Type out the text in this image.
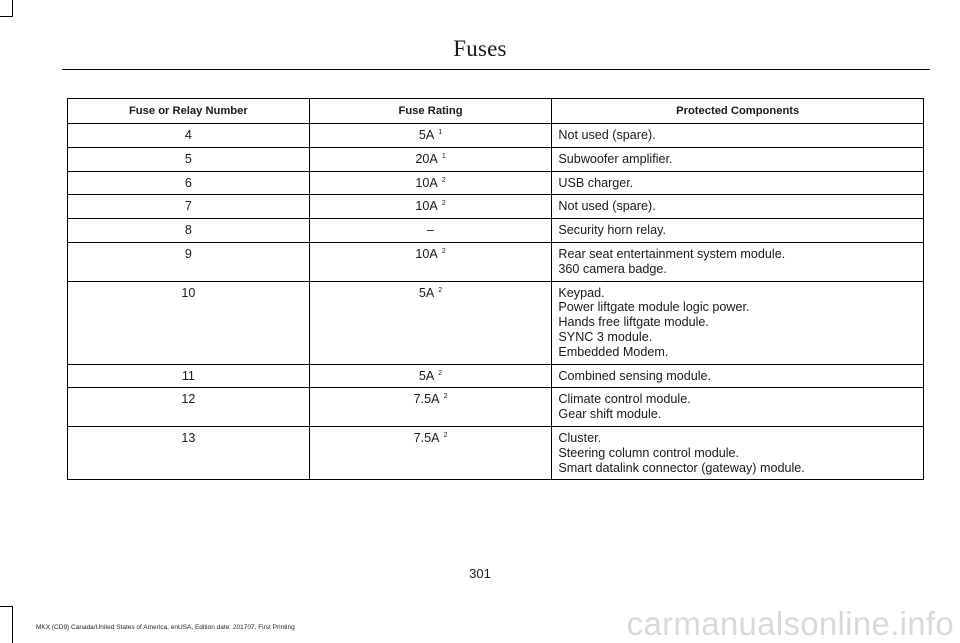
Fuses
Fuse or Relay Number	Fuse Rating	Protected Components
4	5A $^1$	Not used (spare).

5	20A $^1$	Subwoofer amplifier.

6	10A $^2$	USB charger.

7	10A $^2$	Not used (spare).

8	–	Security horn relay.

9	10A $^2$	Rear seat entertainment system module.
360 camera badge.

10	5A $^2$	Keypad.
Power liftgate module logic power.
Hands free liftgate module.
SYNC 3 module.
Embedded Modem.

11	5A $^2$	Combined sensing module.

12	7.5A $^2$	Climate control module.
Gear shift module.

13	7.5A $^2$	Cluster.
Steering column control module.
Smart datalink connector (gateway) module.
301
MKX (CD9) Canada/United States of America, enUSA, Edition date: 201707, First Printing	carmanualsonline.info
